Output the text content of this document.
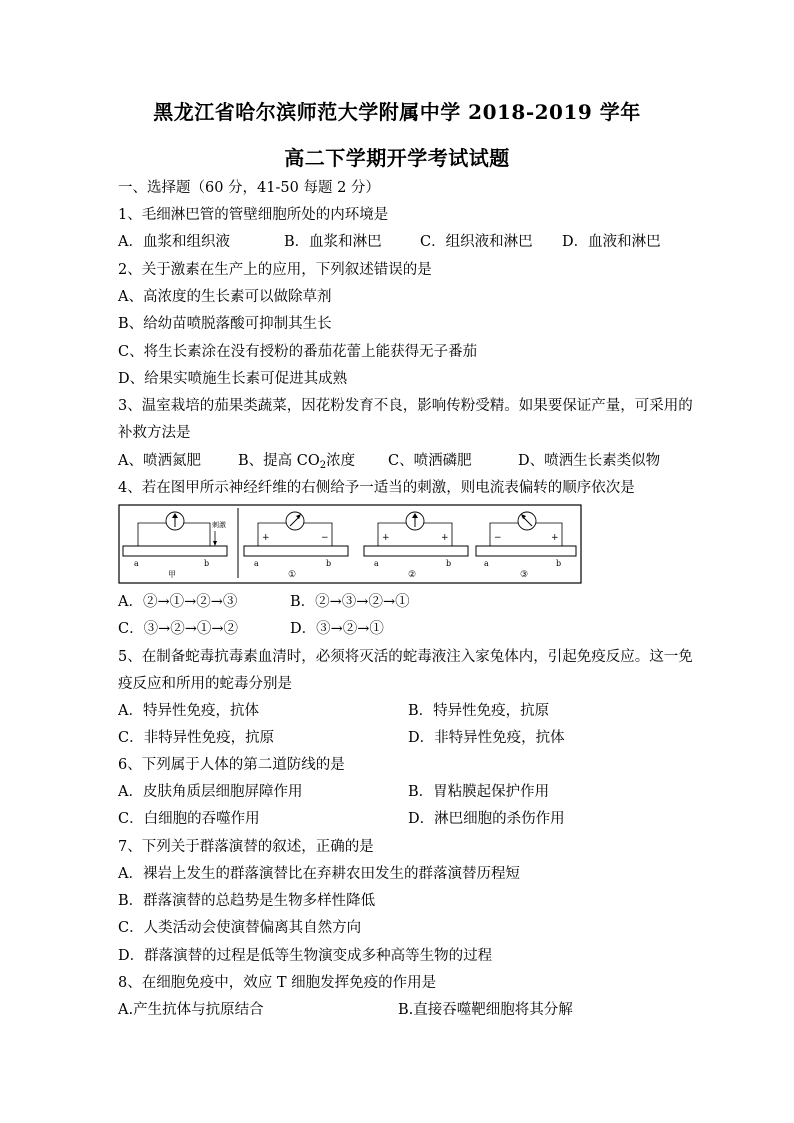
黑龙江省哈尔滨师范大学附属中学 2018-2019 学年
高二下学期开学考试试题
一、选择题（60 分，41-50 每题 2 分）
1、毛细淋巴管的管壁细胞所处的内环境是
A．血浆和组织液	B．血浆和淋巴	C．组织液和淋巴 D．血液和淋巴
2、关于激素在生产上的应用，下列叙述错误的是
A、高浓度的生长素可以做除草剂
B、给幼苗喷脱落酸可抑制其生长
C、将生长素涂在没有授粉的番茄花蕾上能获得无子番茄
D、给果实喷施生长素可促进其成熟
3、温室栽培的茄果类蔬菜，因花粉发育不良，影响传粉受精。如果要保证产量，可采用的
补救方法是
A、喷洒氮肥	B、提高 $CO_2$浓度 C、喷洒磷肥	D、喷洒生长素类似物
4、若在图甲所示神经纤维的右侧给予一适当的刺激，则电流表偏转的顺序依次是
刺激
a	b
甲
+	−
a	b
①
+	+
a	b
②
−	+
a	b
③
A．②→①→②→③	B．②→③→②→①
C．③→②→①→②	D．③→②→①
5、在制备蛇毒抗毒素血清时，必须将灭活的蛇毒液注入家兔体内，引起免疫反应。这一免
疫反应和所用的蛇毒分别是
A．特异性免疫，抗体	B．特异性免疫，抗原
C．非特异性免疫，抗原	D．非特异性免疫，抗体
6、下列属于人体的第二道防线的是
A．皮肤角质层细胞屏障作用	B．胃粘膜起保护作用
C．白细胞的吞噬作用	D．淋巴细胞的杀伤作用
7、下列关于群落演替的叙述，正确的是
A．裸岩上发生的群落演替比在弃耕农田发生的群落演替历程短
B．群落演替的总趋势是生物多样性降低
C．人类活动会使演替偏离其自然方向
D．群落演替的过程是低等生物演变成多种高等生物的过程
8、在细胞免疫中，效应 T 细胞发挥免疫的作用是
A.产生抗体与抗原结合	B.直接吞噬靶细胞将其分解
